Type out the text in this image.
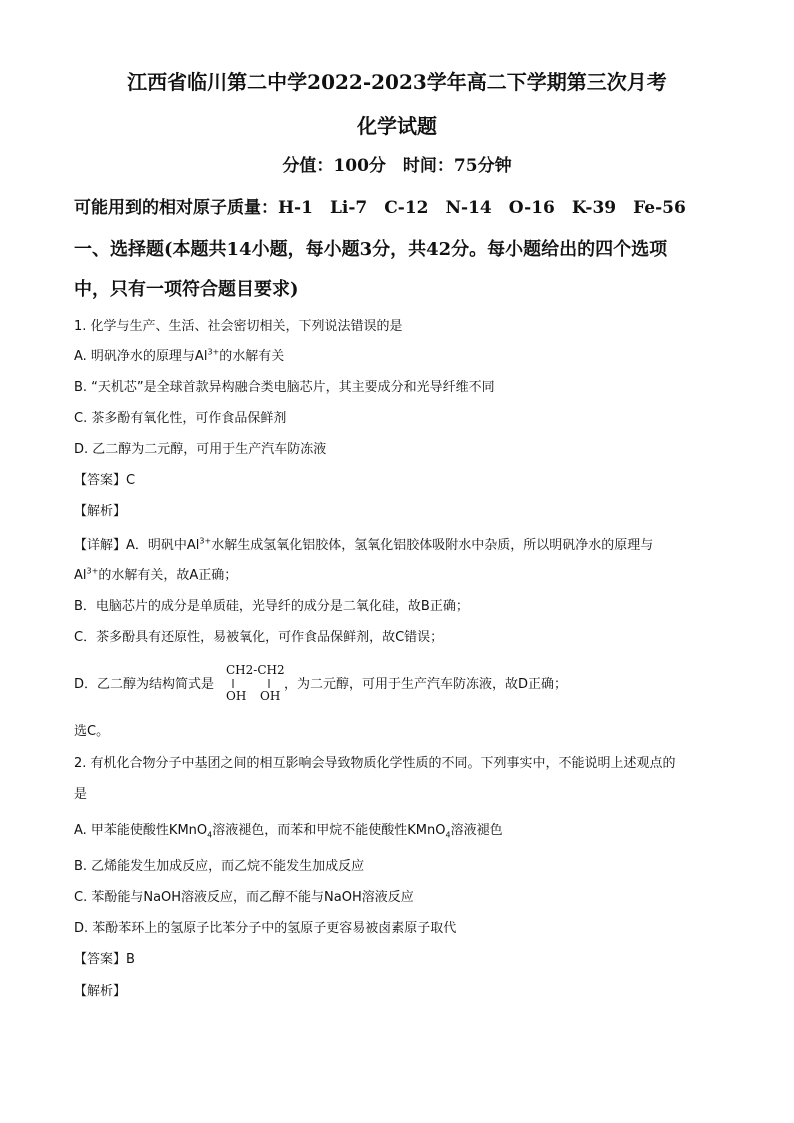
江西省临川第二中学2022-2023学年高二下学期第三次月考
化学试题
分值：100分　时间：75分钟
可能用到的相对原子质量：H-1　Li-7　C-12　N-14　O-16　K-39　Fe-56
一、选择题(本题共14小题，每小题3分，共42分。每小题给出的四个选项
中，只有一项符合题目要求)
1. 化学与生产、生活、社会密切相关，下列说法错误的是
A. 明矾净水的原理与$Al^{3+}$的水解有关
B. “天机芯”是全球首款异构融合类电脑芯片，其主要成分和光导纤维不同
C. 茶多酚有氧化性，可作食品保鲜剂
D. 乙二醇为二元醇，可用于生产汽车防冻液
【答案】C
【解析】
【详解】A．明矾中$Al^{3+}$水解生成氢氧化铝胶体，氢氧化铝胶体吸附水中杂质，所以明矾净水的原理与
$Al^{3+}$的水解有关，故A正确；
B．电脑芯片的成分是单质硅，光导纤的成分是二氧化硅，故B正确；
C．茶多酚具有还原性，易被氧化，可作食品保鲜剂，故C错误；
D．乙二醇为结构简式是	，为二元醇，可用于生产汽车防冻液，故D正确；
CH2-CH2
OH OH
选C。
2. 有机化合物分子中基团之间的相互影响会导致物质化学性质的不同。下列事实中，不能说明上述观点的
是
A. 甲苯能使酸性KMnO$_4$溶液褪色，而苯和甲烷不能使酸性KMnO$_4$溶液褪色
B. 乙烯能发生加成反应，而乙烷不能发生加成反应
C. 苯酚能与NaOH溶液反应，而乙醇不能与NaOH溶液反应
D. 苯酚苯环上的氢原子比苯分子中的氢原子更容易被卤素原子取代
【答案】B
【解析】
